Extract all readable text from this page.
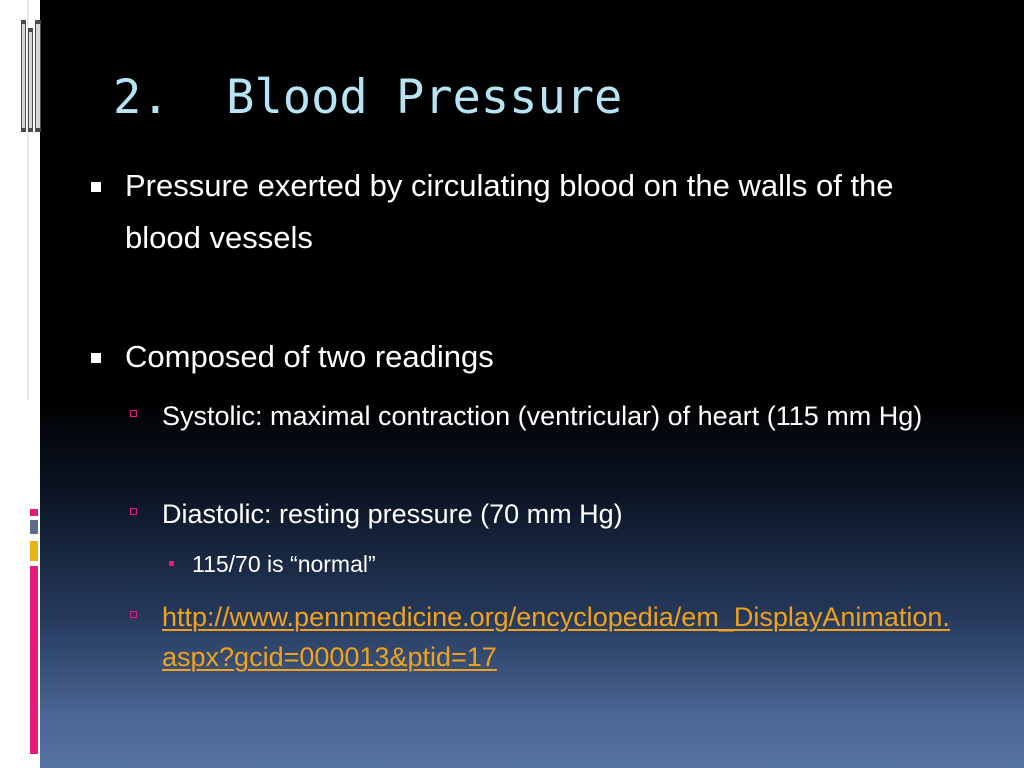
2.  Blood Pressure
Pressure exerted by circulating blood on the walls of the blood vessels
Composed of two readings
Systolic: maximal contraction (ventricular) of heart (115 mm Hg)
Diastolic: resting pressure (70 mm Hg)
115/70 is “normal”
http://www.pennmedicine.org/encyclopedia/em_DisplayAnimation.aspx?gcid=000013&ptid=17
